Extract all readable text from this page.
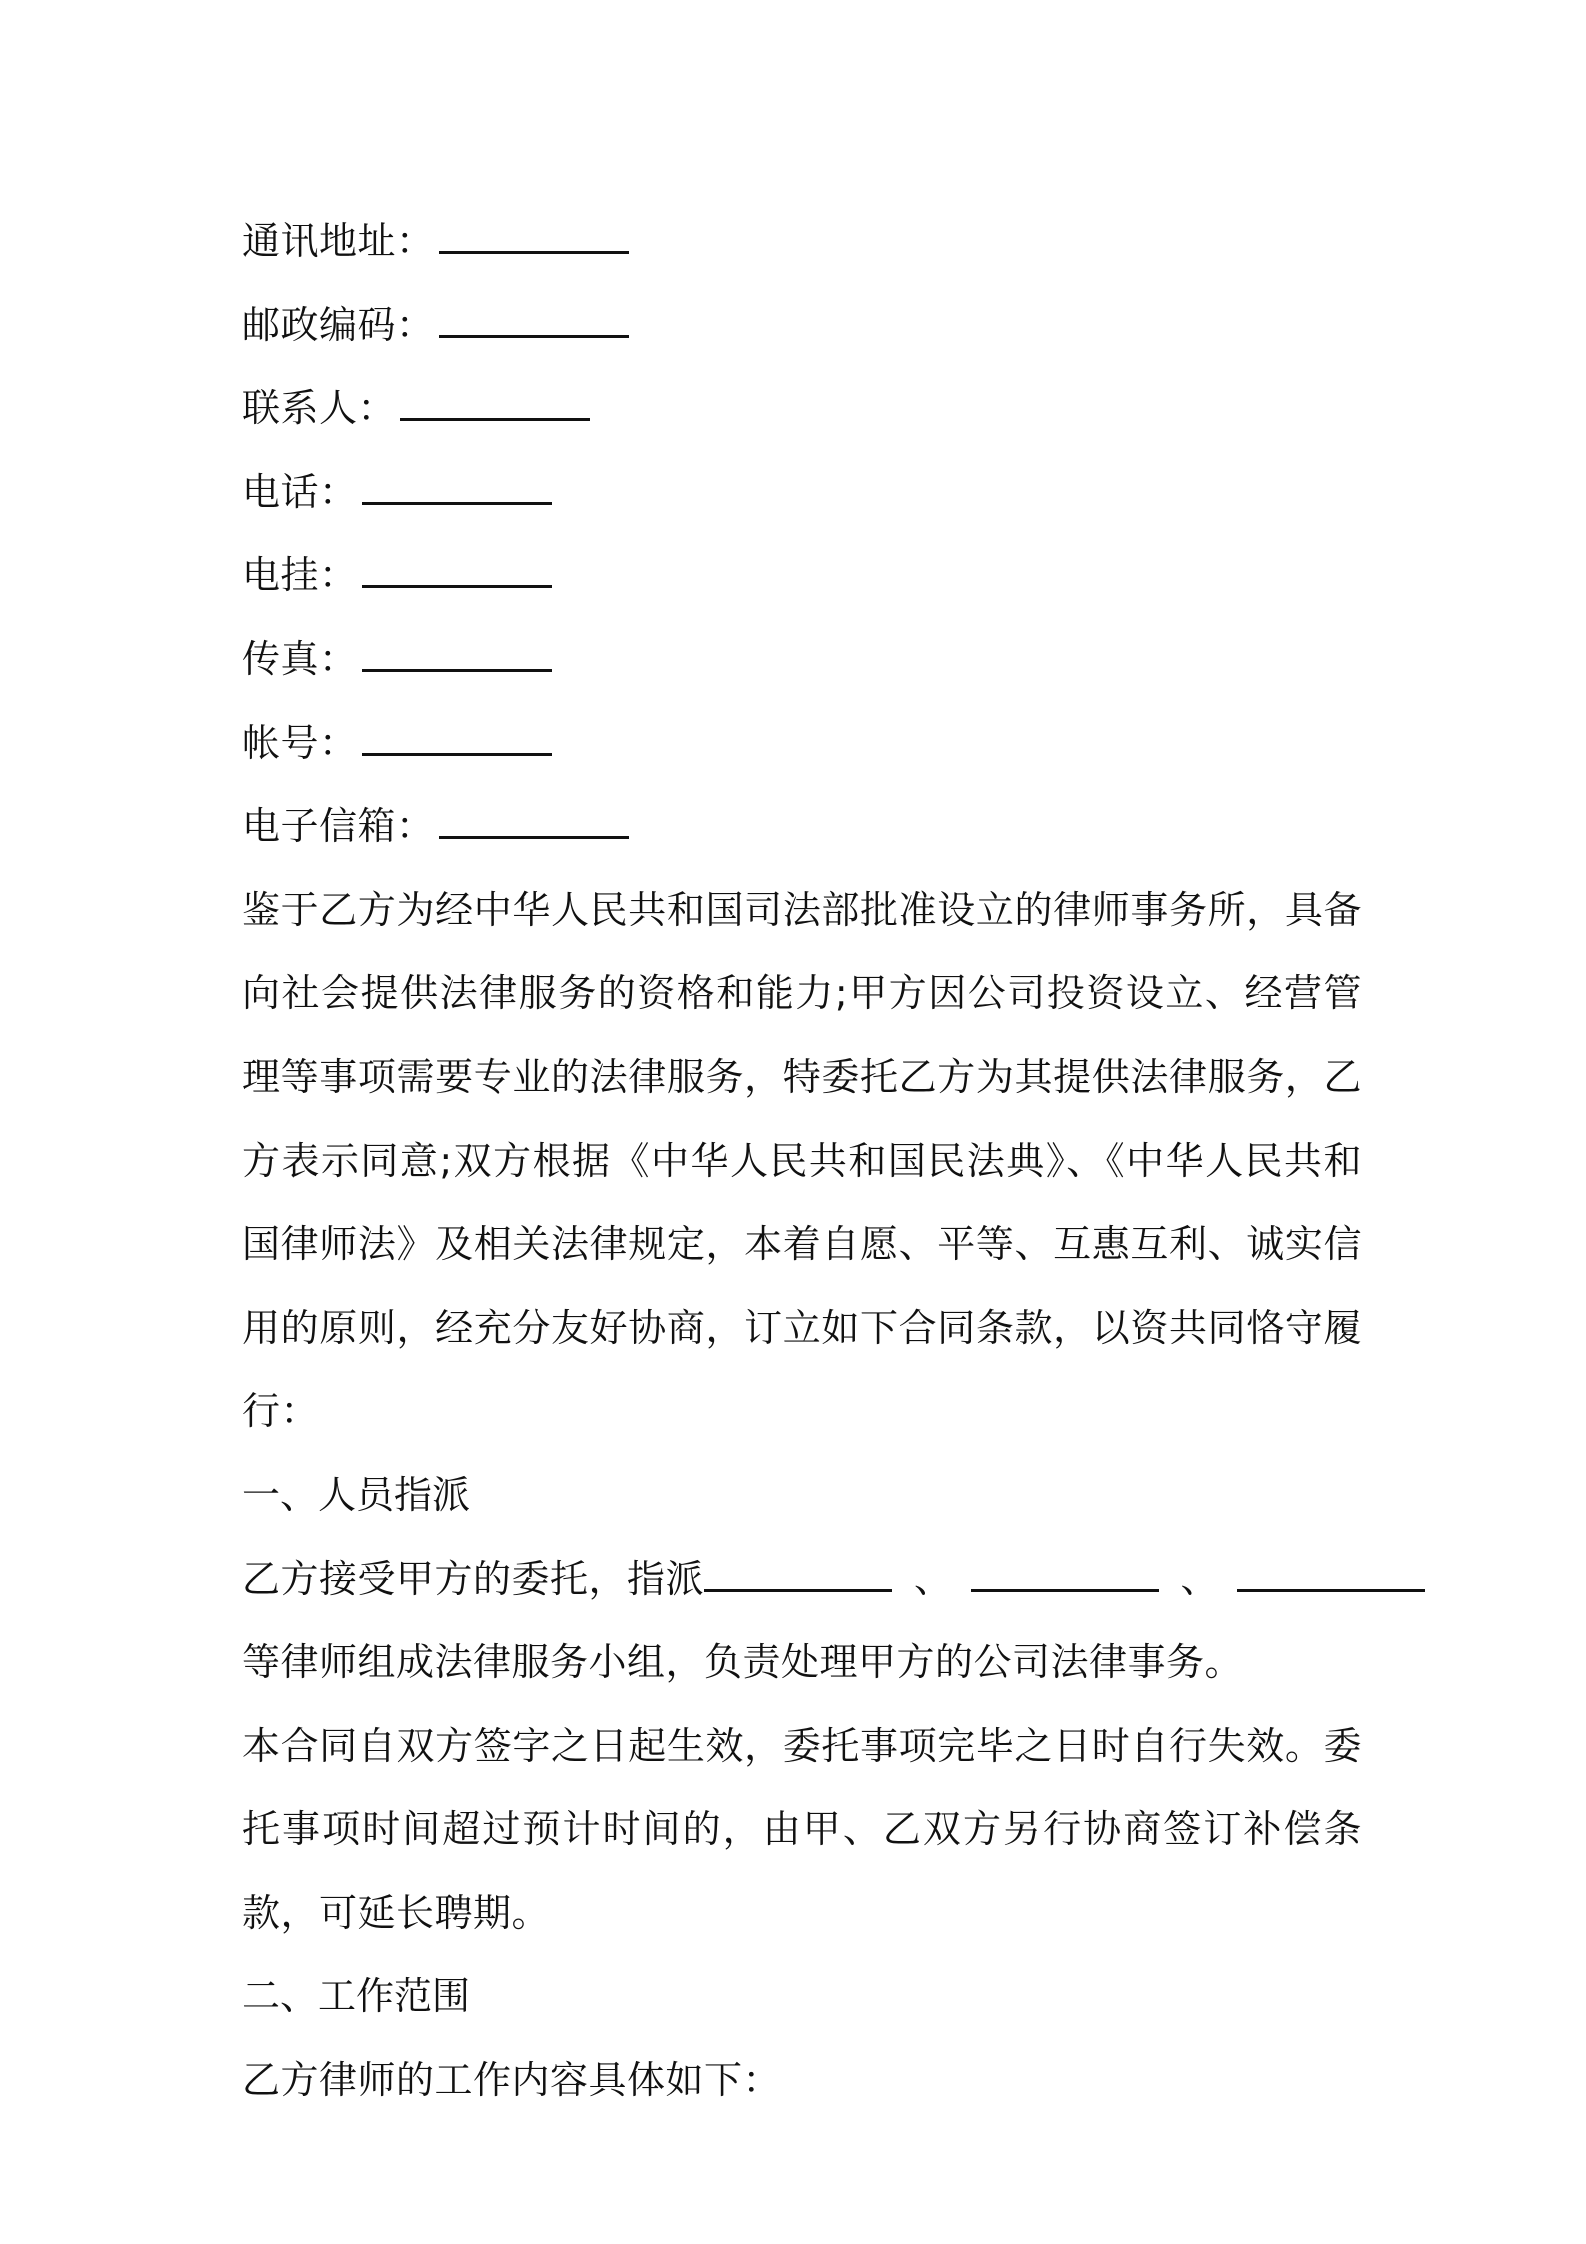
通讯地址：
邮政编码：
联系人：
电话：
电挂：
传真：
帐号：
电子信箱：
鉴于乙方为经中华人民共和国司法部批准设立的律师事务所，具备向社会提供法律服务的资格和能力;甲方因公司投资设立、经营管理等事项需要专业的法律服务，特委托乙方为其提供法律服务，乙方表示同意;双方根据《中华人民共和国民法典》、《中华人民共和国律师法》及相关法律规定，本着自愿、平等、互惠互利、诚实信用的原则，经充分友好协商，订立如下合同条款，以资共同恪守履行：
一、人员指派
乙方接受甲方的委托，指派	、	、
等律师组成法律服务小组，负责处理甲方的公司法律事务。
本合同自双方签字之日起生效，委托事项完毕之日时自行失效。委托事项时间超过预计时间的，由甲、乙双方另行协商签订补偿条款，可延长聘期。
二、工作范围
乙方律师的工作内容具体如下：
